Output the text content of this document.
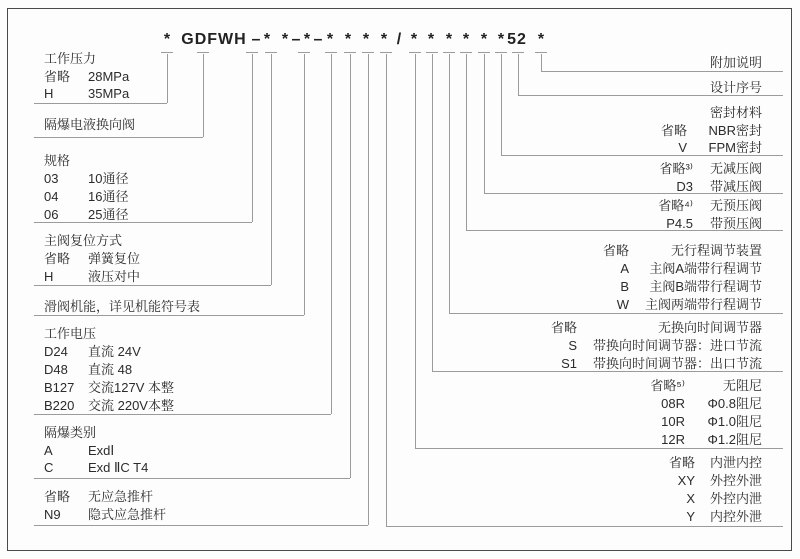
* GDFWH – * * – * – * * * * / * * * * * * 52 *
工作压力
省略	28MPa
H	35MPa
隔爆电液换向阀
规格
03	10通径
04	16通径
06	25通径
主阀复位方式
省略	弹簧复位
H	液压对中
滑阀机能，详见机能符号表
工作电压
D24	直流 24V
D48	直流 48
B127	交流127V 本整
B220	交流 220V本整
隔爆类别
A	ExdⅠ
C	Exd ⅡC T4
省略	无应急推杆
N9	隐式应急推杆
附加说明
设计序号
密封材料
省略	NBR密封
V	FPM密封
省略³⁾	无减压阀
D3	带减压阀
省略⁴⁾	无预压阀
P4.5	带预压阀
省略	无行程调节装置
A	主阀A端带行程调节
B	主阀B端带行程调节
W 主阀两端带行程调节
省略	无换向时间调节器
S 带换向时间调节器：进口节流
S1 带换向时间调节器：出口节流
省略⁵⁾	无阻尼
08R	Φ0.8阻尼
10R	Φ1.0阻尼
12R	Φ1.2阻尼
省略 内泄内控
XY 外控外泄
X 外控内泄
Y 内控外泄
